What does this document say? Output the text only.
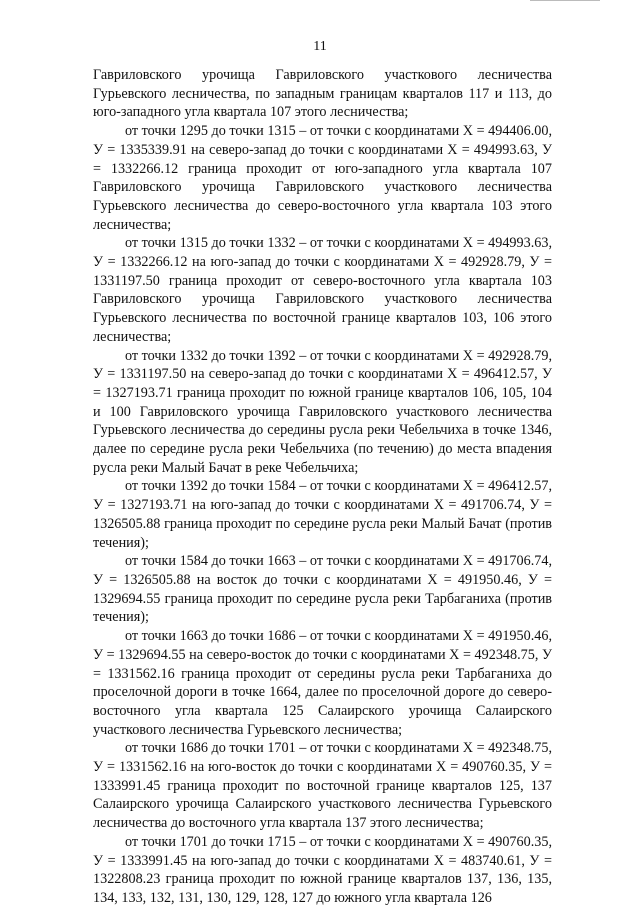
11

Гавриловского урочища Гавриловского участкового лесничества Гурьевского лесничества, по западным границам кварталов 117 и 113, до юго-западного угла квартала 107 этого лесничества;

от точки 1295 до точки 1315 – от точки с координатами X = 494406.00, У = 1335339.91 на северо-запад до точки с координатами X = 494993.63, У = 1332266.12 граница проходит от юго-западного угла квартала 107 Гавриловского урочища Гавриловского участкового лесничества Гурьевского лесничества до северо-восточного угла квартала 103 этого лесничества;

от точки 1315 до точки 1332 – от точки с координатами X = 494993.63, У = 1332266.12 на юго-запад до точки с координатами X = 492928.79, У = 1331197.50 граница проходит от северо-восточного угла квартала 103 Гавриловского урочища Гавриловского участкового лесничества Гурьевского лесничества по восточной границе кварталов 103, 106 этого лесничества;

от точки 1332 до точки 1392 – от точки с координатами X = 492928.79, У = 1331197.50 на северо-запад до точки с координатами X = 496412.57, У = 1327193.71 граница проходит по южной границе кварталов 106, 105, 104 и 100 Гавриловского урочища Гавриловского участкового лесничества Гурьевского лесничества до середины русла реки Чебельчиха в точке 1346, далее по середине русла реки Чебельчиха (по течению) до места впадения русла реки Малый Бачат в реке Чебельчиха;

от точки 1392 до точки 1584 – от точки с координатами X = 496412.57, У = 1327193.71 на юго-запад до точки с координатами X = 491706.74, У = 1326505.88 граница проходит по середине русла реки Малый Бачат (против течения);

от точки 1584 до точки 1663 – от точки с координатами X = 491706.74, У = 1326505.88 на восток до точки с координатами X = 491950.46, У = 1329694.55 граница проходит по середине русла реки Тарбаганиха (против течения);

от точки 1663 до точки 1686 – от точки с координатами X = 491950.46, У = 1329694.55 на северо-восток до точки с координатами X = 492348.75, У = 1331562.16 граница проходит от середины русла реки Тарбаганиха до проселочной дороги в точке 1664, далее по проселочной дороге до северо-восточного угла квартала 125 Салаирского урочища Салаирского участкового лесничества Гурьевского лесничества;

от точки 1686 до точки 1701 – от точки с координатами X = 492348.75, У = 1331562.16 на юго-восток до точки с координатами X = 490760.35, У = 1333991.45 граница проходит по восточной границе кварталов 125, 137 Салаирского урочища Салаирского участкового лесничества Гурьевского лесничества до восточного угла квартала 137 этого лесничества;

от точки 1701 до точки 1715 – от точки с координатами X = 490760.35, У = 1333991.45 на юго-запад до точки с координатами X = 483740.61, У = 1322808.23 граница проходит по южной границе кварталов 137, 136, 135, 134, 133, 132, 131, 130, 129, 128, 127 до южного угла квартала 126
